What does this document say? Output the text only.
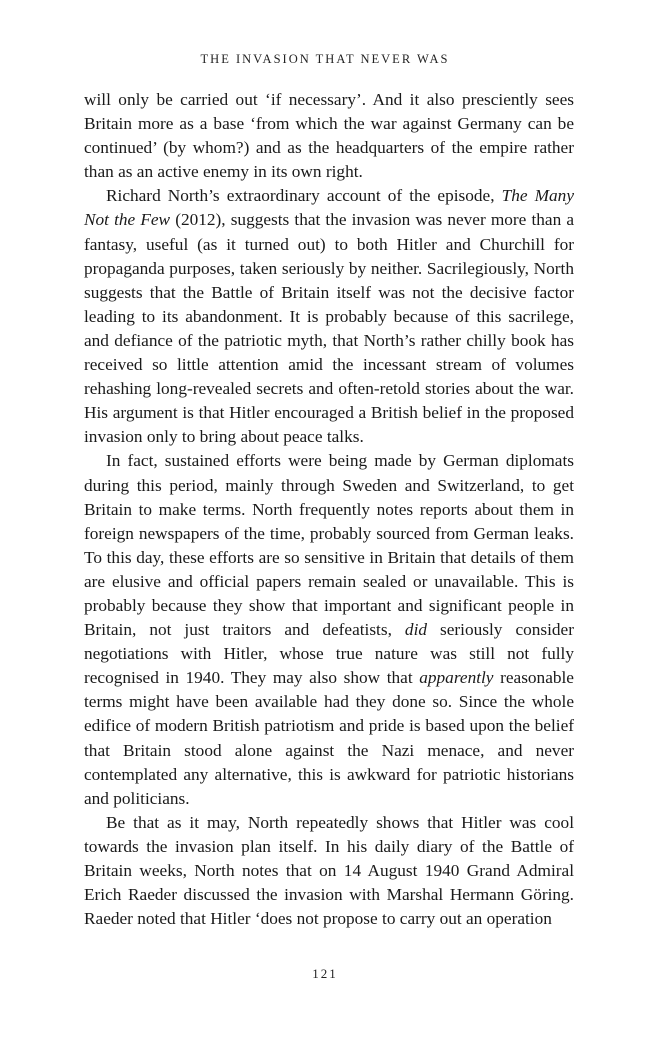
THE INVASION THAT NEVER WAS

will only be carried out ‘if necessary’. And it also presciently sees Britain more as a base ‘from which the war against Germany can be continued’ (by whom?) and as the headquarters of the empire rather than as an active enemy in its own right.

Richard North’s extraordinary account of the episode, The Many Not the Few (2012), suggests that the invasion was never more than a fantasy, useful (as it turned out) to both Hitler and Churchill for propaganda purposes, taken seriously by neither. Sacrilegiously, North suggests that the Battle of Britain itself was not the decisive factor leading to its abandonment. It is probably because of this sacrilege, and defiance of the patriotic myth, that North’s rather chilly book has received so little attention amid the incessant stream of volumes rehashing long-revealed secrets and often-retold stories about the war. His argument is that Hitler encouraged a British belief in the proposed invasion only to bring about peace talks.

In fact, sustained efforts were being made by German diplomats during this period, mainly through Sweden and Switzerland, to get Britain to make terms. North frequently notes reports about them in foreign newspapers of the time, probably sourced from German leaks. To this day, these efforts are so sensitive in Britain that details of them are elusive and official papers remain sealed or unavailable. This is probably because they show that important and significant people in Britain, not just traitors and defeatists, did seriously consider negotiations with Hitler, whose true nature was still not fully recognised in 1940. They may also show that apparently reasonable terms might have been available had they done so. Since the whole edifice of modern British patriotism and pride is based upon the belief that Britain stood alone against the Nazi menace, and never contemplated any alternative, this is awkward for patriotic historians and politicians.

Be that as it may, North repeatedly shows that Hitler was cool towards the invasion plan itself. In his daily diary of the Battle of Britain weeks, North notes that on 14 August 1940 Grand Admiral Erich Raeder discussed the invasion with Marshal Hermann Göring. Raeder noted that Hitler ‘does not propose to carry out an operation

121
